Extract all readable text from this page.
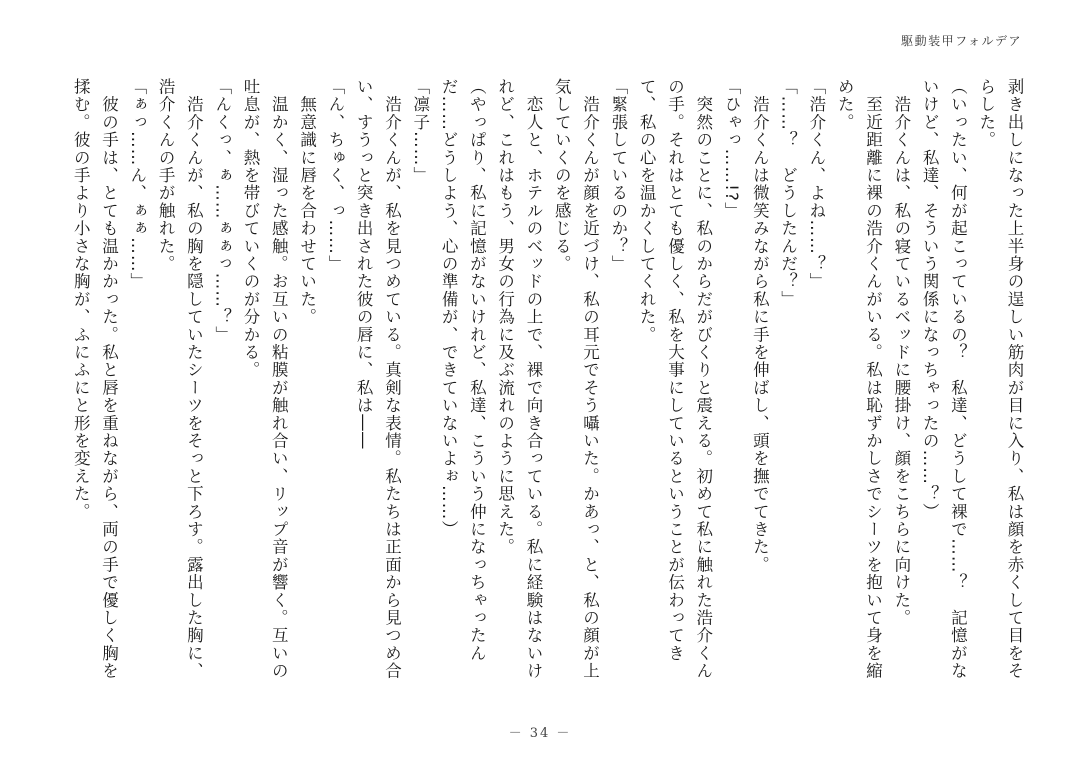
駆動装甲フォルデア

剥き出しになった上半身の逞しい筋肉が目に入り、私は顔を赤くして目をそらした。

（いったい、何が起こっているの？　私達、どうして裸で……？　記憶がないけど、私達、そういう関係になっちゃったの……？）

　浩介くんは、私の寝ているベッドに腰掛け、顔をこちらに向けた。

　至近距離に裸の浩介くんがいる。私は恥ずかしさでシーツを抱いて身を縮めた。

「浩介くん、よね……？」

「……？　どうしたんだ？」

　浩介くんは微笑みながら私に手を伸ばし、頭を撫でてきた。

「ひゃっ……!?」

　突然のことに、私のからだがびくりと震える。初めて私に触れた浩介くんの手。それはとても優しく、私を大事にしているということが伝わってきて、私の心を温かくしてくれた。

「緊張しているのか？」

　浩介くんが顔を近づけ、私の耳元でそう囁いた。かあっ、と、私の顔が上気していくのを感じる。

　恋人と、ホテルのベッドの上で、裸で向き合っている。私に経験はないけれど、これはもう、男女の行為に及ぶ流れのように思えた。

（やっぱり、私に記憶がないけれど、私達、こういう仲になっちゃったんだ……どうしよう、心の準備が、できていないよぉ……）

「凛子……」

　浩介くんが、私を見つめている。真剣な表情。私たちは正面から見つめ合い、すうっと突き出された彼の唇に、私は――

「ん、ちゅく、っ……」

　無意識に唇を合わせていた。

　温かく、湿った感触。お互いの粘膜が触れ合い、リップ音が響く。互いの吐息が、熱を帯びていくのが分かる。

「んくっ、ぁ……ぁぁっ……？」

　浩介くんが、私の胸を隠していたシーツをそっと下ろす。露出した胸に、浩介くんの手が触れた。

「ぁっ……ん、ぁぁ……」

　彼の手は、とても温かかった。私と唇を重ねながら、両の手で優しく胸を揉む。彼の手より小さな胸が、ふにふにと形を変えた。

－ 34 －
